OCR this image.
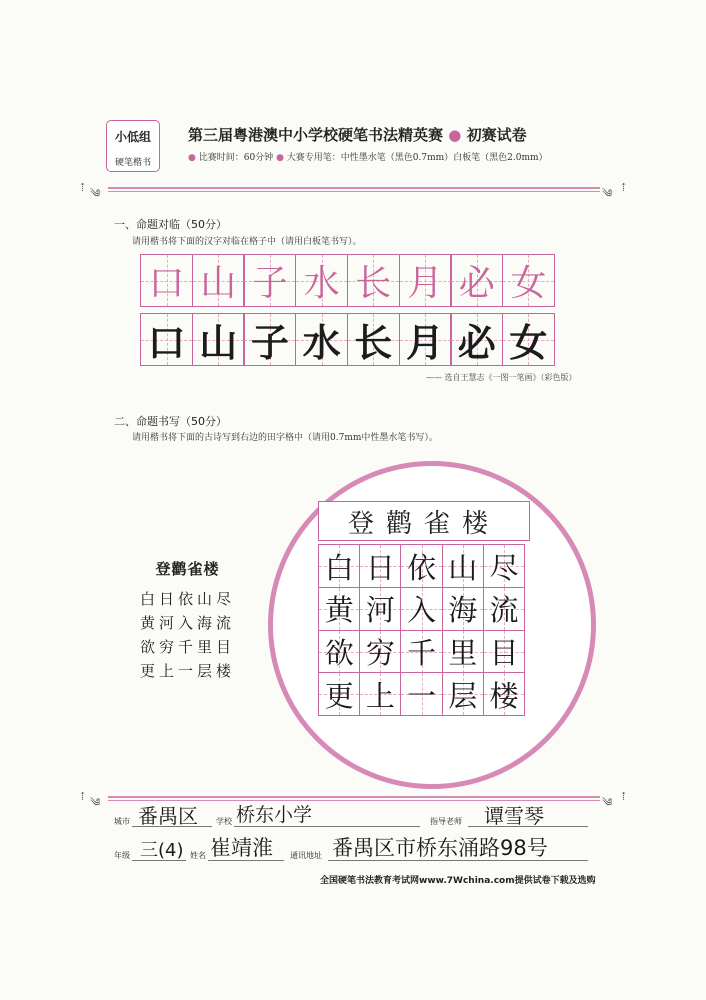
小低组
硬笔楷书
第三届粤港澳中小学校硬笔书法精英赛 ● 初赛试卷
● 比赛时间：60分钟 ● 大赛专用笔：中性墨水笔（黑色0.7mm）白板笔（黑色2.0mm）
⇡ ༄	༄ ⇡
一、命题对临（50分）
请用楷书将下面的汉字对临在格子中（请用白板笔书写）。
口 山 子 水 长 月 必 女
口 山 子 水 长 月 必 女
—— 选自王慧志《一图一笔画》（彩色版）
二、命题书写（50分）
请用楷书将下面的古诗写到右边的田字格中（请用0.7mm中性墨水笔书写）。
登鹳雀楼
白日依山尽
黄河入海流
欲穷千里目
更上一层楼
登鹳雀楼
白 日 依 山 尽
黄 河 入 海 流
欲 穷 千 里 目
更 上 一 层 楼
⇡ ༄	༄ ⇡
城市 番禺区 学校 桥东小学	指导老师 谭雪琴
年级 三(4) 姓名 崔靖淮 通讯地址 番禺区市桥东涌路98号
全国硬笔书法教育考试网www.7Wchina.com提供试卷下载及选购
